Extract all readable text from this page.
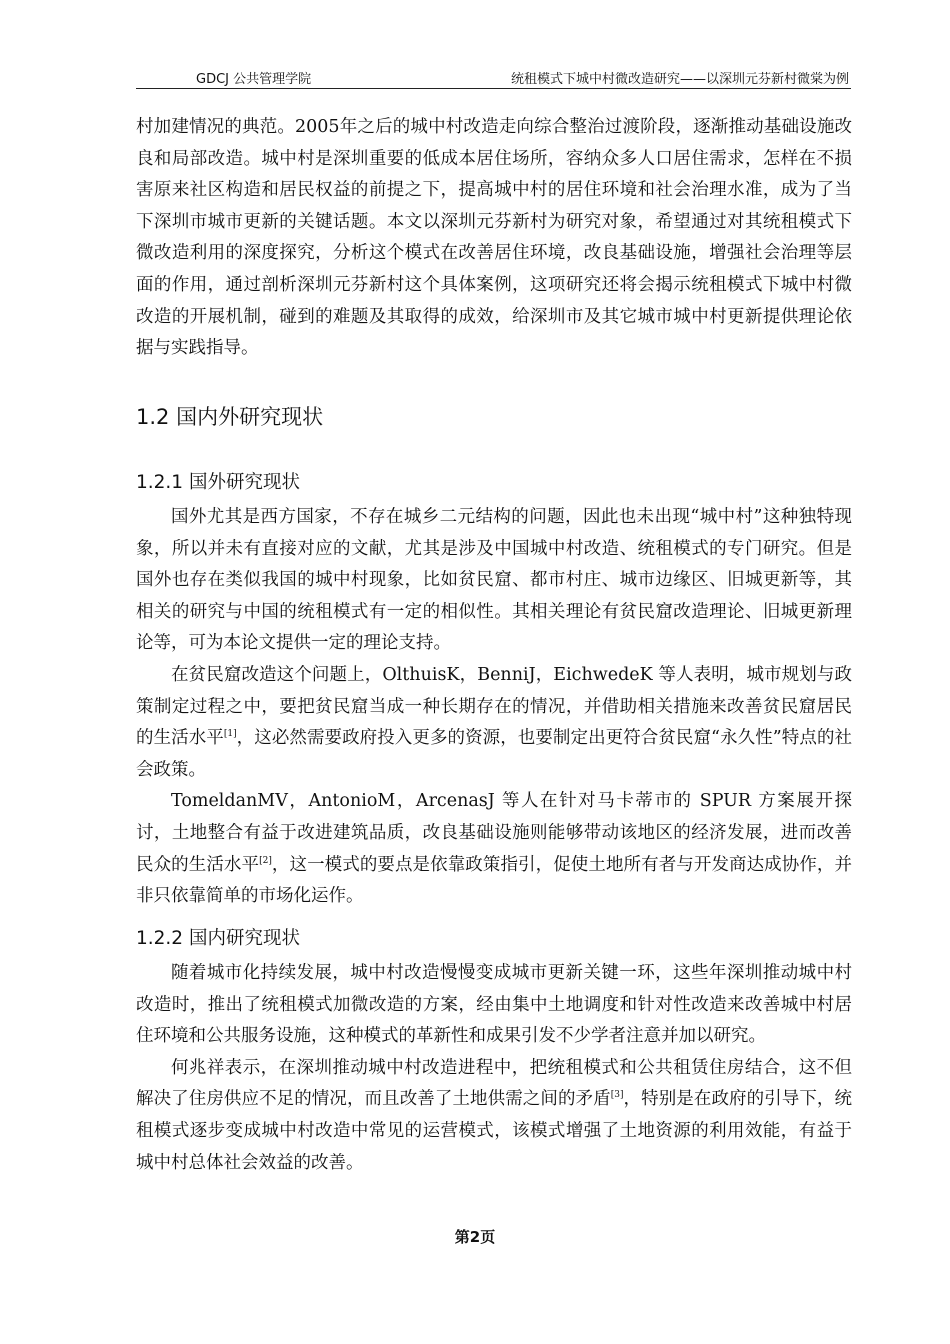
GDCJ 公共管理学院	统租模式下城中村微改造研究——以深圳元芬新村微棠为例

村加建情况的典范。2005年之后的城中村改造走向综合整治过渡阶段，逐渐推动基础设施改良和局部改造。城中村是深圳重要的低成本居住场所，容纳众多人口居住需求，怎样在不损害原来社区构造和居民权益的前提之下，提高城中村的居住环境和社会治理水准，成为了当下深圳市城市更新的关键话题。本文以深圳元芬新村为研究对象，希望通过对其统租模式下微改造利用的深度探究，分析这个模式在改善居住环境，改良基础设施，增强社会治理等层面的作用，通过剖析深圳元芬新村这个具体案例，这项研究还将会揭示统租模式下城中村微改造的开展机制，碰到的难题及其取得的成效，给深圳市及其它城市城中村更新提供理论依据与实践指导。

1.2 国内外研究现状
1.2.1 国外研究现状

国外尤其是西方国家，不存在城乡二元结构的问题，因此也未出现“城中村”这种独特现象，所以并未有直接对应的文献，尤其是涉及中国城中村改造、统租模式的专门研究。但是国外也存在类似我国的城中村现象，比如贫民窟、都市村庄、城市边缘区、旧城更新等，其相关的研究与中国的统租模式有一定的相似性。其相关理论有贫民窟改造理论、旧城更新理论等，可为本论文提供一定的理论支持。

在贫民窟改造这个问题上，OlthuisK，BenniJ，EichwedeK 等人表明，城市规划与政策制定过程之中，要把贫民窟当成一种长期存在的情况，并借助相关措施来改善贫民窟居民的生活水平[1]，这必然需要政府投入更多的资源，也要制定出更符合贫民窟“永久性”特点的社会政策。

TomeldanMV，AntonioM，ArcenasJ 等人在针对马卡蒂市的 SPUR 方案展开探讨，土地整合有益于改进建筑品质，改良基础设施则能够带动该地区的经济发展，进而改善民众的生活水平[2]，这一模式的要点是依靠政策指引，促使土地所有者与开发商达成协作，并非只依靠简单的市场化运作。

1.2.2 国内研究现状

随着城市化持续发展，城中村改造慢慢变成城市更新关键一环，这些年深圳推动城中村改造时，推出了统租模式加微改造的方案，经由集中土地调度和针对性改造来改善城中村居住环境和公共服务设施，这种模式的革新性和成果引发不少学者注意并加以研究。

何兆祥表示，在深圳推动城中村改造进程中，把统租模式和公共租赁住房结合，这不但解决了住房供应不足的情况，而且改善了土地供需之间的矛盾[3]，特别是在政府的引导下，统租模式逐步变成城中村改造中常见的运营模式，该模式增强了土地资源的利用效能，有益于城中村总体社会效益的改善。

第2页
